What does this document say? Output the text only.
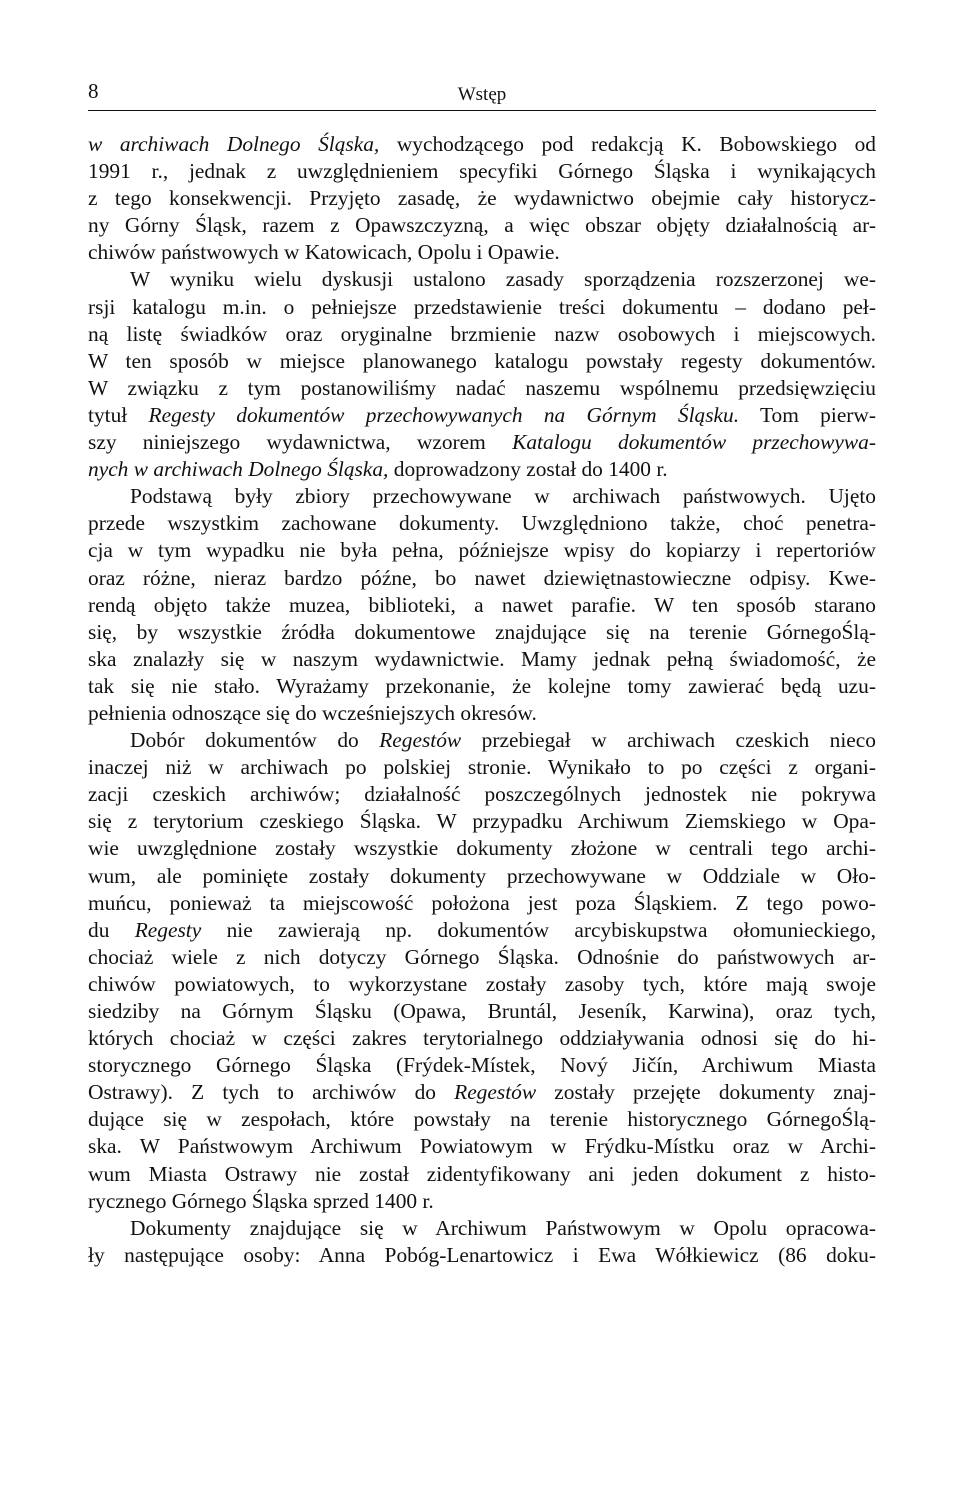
8	Wstęp

w archiwach Dolnego Śląska, wychodzącego pod redakcją K. Bobowskiego od
1991 r., jednak z uwzględnieniem specyfiki Górnego Śląska i wynikających
z tego konsekwencji. Przyjęto zasadę, że wydawnictwo obejmie cały historycz-
ny Górny Śląsk, razem z Opawszczyzną, a więc obszar objęty działalnością ar-
chiwów państwowych w Katowicach, Opolu i Opawie.

W wyniku wielu dyskusji ustalono zasady sporządzenia rozszerzonej we-
rsji katalogu m.in. o pełniejsze przedstawienie treści dokumentu – dodano peł-
ną listę świadków oraz oryginalne brzmienie nazw osobowych i miejscowych.
W ten sposób w miejsce planowanego katalogu powstały regesty dokumentów.
W związku z tym postanowiliśmy nadać naszemu wspólnemu przedsięwzięciu
tytuł Regesty dokumentów przechowywanych na Górnym Śląsku. Tom pierw-
szy niniejszego wydawnictwa, wzorem Katalogu dokumentów przechowywa-
nych w archiwach Dolnego Śląska, doprowadzony został do 1400 r.

Podstawą były zbiory przechowywane w archiwach państwowych. Ujęto
przede wszystkim zachowane dokumenty. Uwzględniono także, choć penetra-
cja w tym wypadku nie była pełna, późniejsze wpisy do kopiarzy i repertoriów
oraz różne, nieraz bardzo późne, bo nawet dziewiętnastowieczne odpisy. Kwe-
rendą objęto także muzea, biblioteki, a nawet parafie. W ten sposób starano
się, by wszystkie źródła dokumentowe znajdujące się na terenie GórnegoŚlą-
ska znalazły się w naszym wydawnictwie. Mamy jednak pełną świadomość, że
tak się nie stało. Wyrażamy przekonanie, że kolejne tomy zawierać będą uzu-
pełnienia odnoszące się do wcześniejszych okresów.

Dobór dokumentów do Regestów przebiegał w archiwach czeskich nieco
inaczej niż w archiwach po polskiej stronie. Wynikało to po części z organi-
zacji czeskich archiwów; działalność poszczególnych jednostek nie pokrywa
się z terytorium czeskiego Śląska. W przypadku Archiwum Ziemskiego w Opa-
wie uwzględnione zostały wszystkie dokumenty złożone w centrali tego archi-
wum, ale pominięte zostały dokumenty przechowywane w Oddziale w Оło-
muńcu, ponieważ ta miejscowość położona jest poza Śląskiem. Z tego powo-
du Regesty nie zawierają np. dokumentów arcybiskupstwa ołomunieckiego,
chociaż wiele z nich dotyczy Górnego Śląska. Odnośnie do państwowych ar-
chiwów powiatowych, to wykorzystane zostały zasoby tych, które mają swoje
siedziby na Górnym Śląsku (Opawa, Bruntál, Jeseník, Karwina), oraz tych,
których chociaż w części zakres terytorialnego oddziaływania odnosi się do hi-
storycznego Górnego Śląska (Frýdek-Místek, Nový Jičín, Archiwum Miasta
Ostrawy). Z tych to archiwów do Regestów zostały przejęte dokumenty znaj-
dujące się w zespołach, które powstały na terenie historycznego GórnegoŚlą-
ska. W Państwowym Archiwum Powiatowym w Frýdku-Místku oraz w Archi-
wum Miasta Ostrawy nie został zidentyfikowany ani jeden dokument z histo-
rycznego Górnego Śląska sprzed 1400 r.

Dokumenty znajdujące się w Archiwum Państwowym w Opolu opracowa-
ły następujące osoby: Anna Pobóg-Lenartowicz i Ewa Wółkiewicz (86 doku-
